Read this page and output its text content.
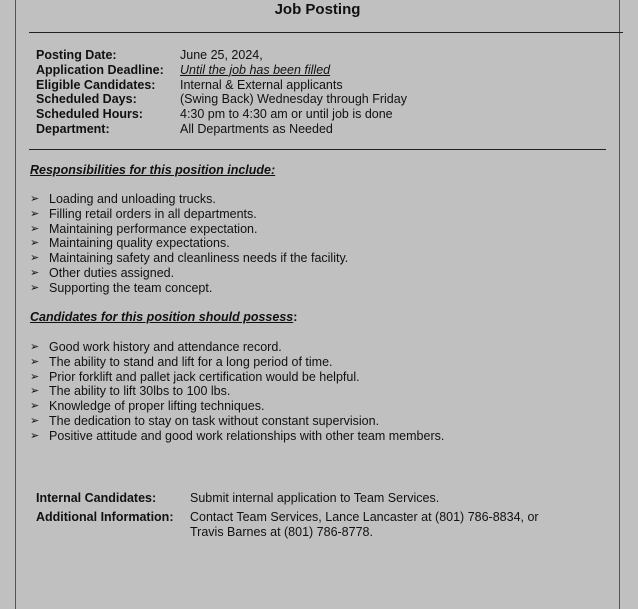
Job Posting
Posting Date:	June 25, 2024,
Application Deadline:	Until the job has been filled
Eligible Candidates:	Internal & External applicants
Scheduled Days:	(Swing Back) Wednesday through Friday
Scheduled Hours:	4:30 pm to 4:30 am or until job is done
Department:	All Departments as Needed
Responsibilities for this position include:
➢ Loading and unloading trucks.
➢ Filling retail orders in all departments.
➢ Maintaining performance expectation.
➢ Maintaining quality expectations.
➢ Maintaining safety and cleanliness needs if the facility.
➢ Other duties assigned.
➢ Supporting the team concept.
Candidates for this position should possess:
➢ Good work history and attendance record.
➢ The ability to stand and lift for a long period of time.
➢ Prior forklift and pallet jack certification would be helpful.
➢ The ability to lift 30lbs to 100 lbs.
➢ Knowledge of proper lifting techniques.
➢ The dedication to stay on task without constant supervision.
➢ Positive attitude and good work relationships with other team members.
Internal Candidates:	Submit internal application to Team Services.
Additional Information:	Contact Team Services, Lance Lancaster at (801) 786-8834, or
Travis Barnes at (801) 786-8778.
